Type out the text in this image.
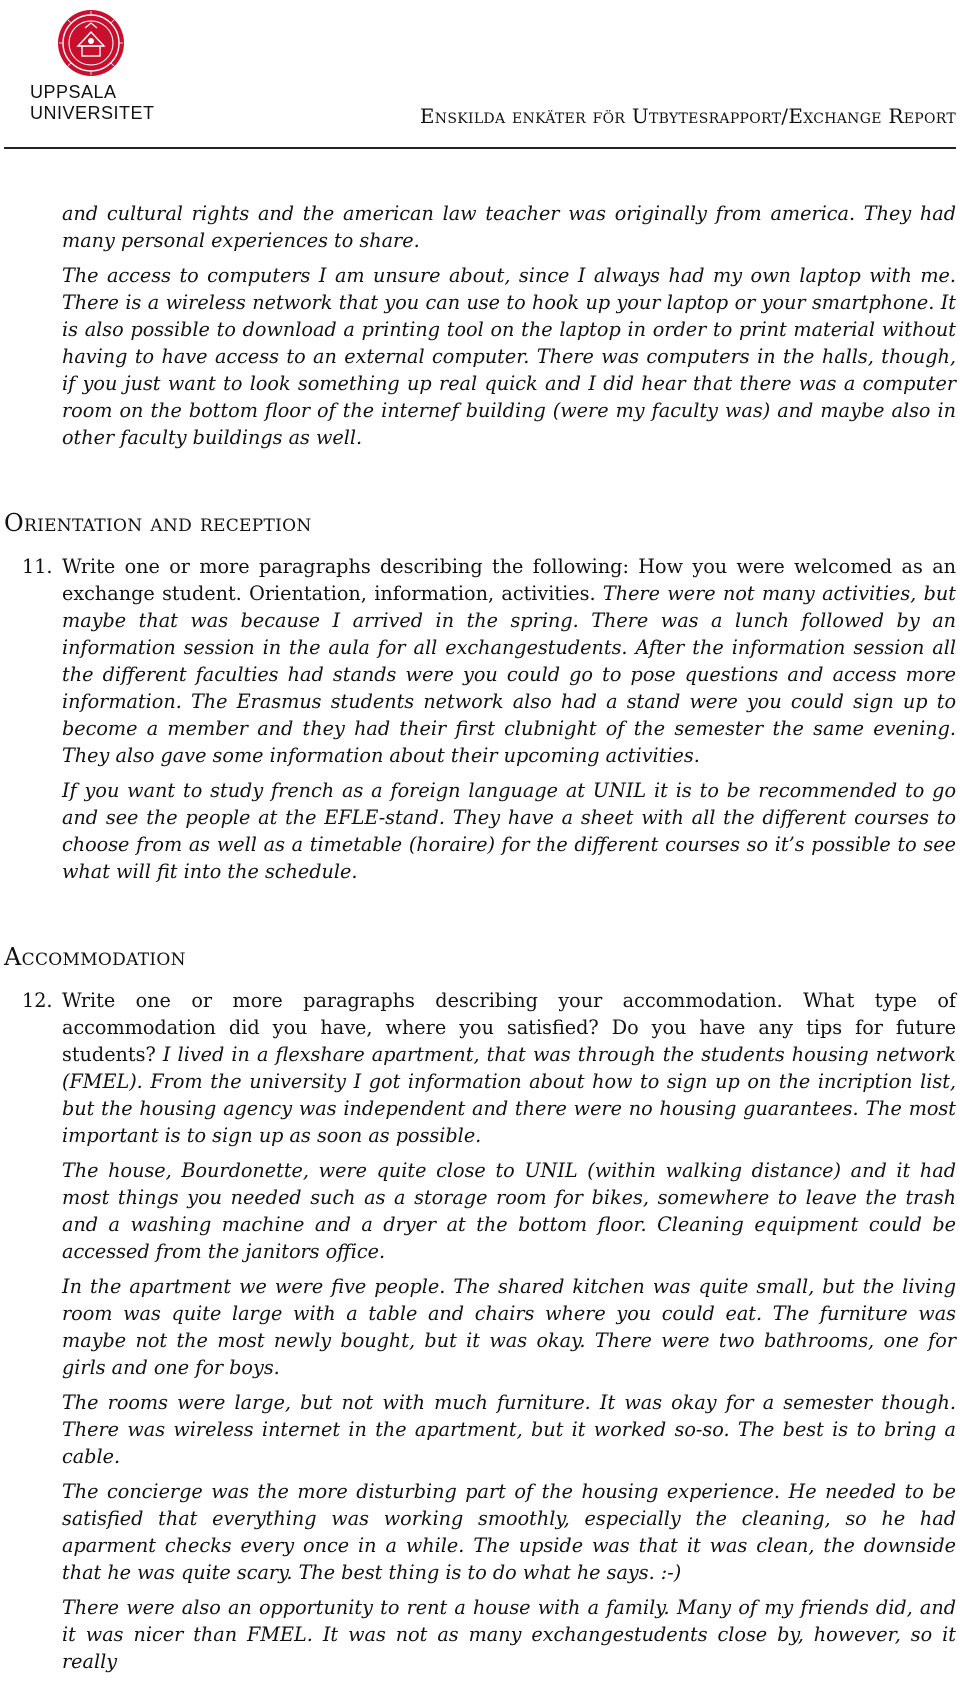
UPPSALA
UNIVERSITET	Enskilda enkäter för Utbytesrapport/Exchange Report

and cultural rights and the american law teacher was originally from america. They had many personal experiences to share.

The access to computers I am unsure about, since I always had my own laptop with me. There is a wireless network that you can use to hook up your laptop or your smartphone. It is also possible to download a printing tool on the laptop in order to print material without having to have access to an external computer. There was computers in the halls, though, if you just want to look something up real quick and I did hear that there was a computer room on the bottom floor of the internef building (were my faculty was) and maybe also in other faculty buildings as well.

Orientation and reception
11. Write one or more paragraphs describing the following: How you were welcomed as an exchange student. Orientation, information, activities. There were not many activities, but maybe that was because I arrived in the spring. There was a lunch followed by an information session in the aula for all exchangestudents. After the information session all the different faculties had stands were you could go to pose questions and access more information. The Erasmus students network also had a stand were you could sign up to become a member and they had their first clubnight of the semester the same evening. They also gave some information about their upcoming activities.

If you want to study french as a foreign language at UNIL it is to be recommended to go and see the people at the EFLE-stand. They have a sheet with all the different courses to choose from as well as a timetable (horaire) for the different courses so it’s possible to see what will fit into the schedule.

Accommodation
12. Write one or more paragraphs describing your accommodation. What type of accommodation did you have, where you satisfied? Do you have any tips for future students? I lived in a flexshare apartment, that was through the students housing network (FMEL). From the university I got information about how to sign up on the incription list, but the housing agency was independent and there were no housing guarantees. The most important is to sign up as soon as possible.

The house, Bourdonette, were quite close to UNIL (within walking distance) and it had most things you needed such as a storage room for bikes, somewhere to leave the trash and a washing machine and a dryer at the bottom floor. Cleaning equipment could be accessed from the janitors office.

In the apartment we were five people. The shared kitchen was quite small, but the living room was quite large with a table and chairs where you could eat. The furniture was maybe not the most newly bought, but it was okay. There were two bathrooms, one for girls and one for boys.

The rooms were large, but not with much furniture. It was okay for a semester though. There was wireless internet in the apartment, but it worked so-so. The best is to bring a cable.

The concierge was the more disturbing part of the housing experience. He needed to be satisfied that everything was working smoothly, especially the cleaning, so he had aparment checks every once in a while. The upside was that it was clean, the downside that he was quite scary. The best thing is to do what he says. :-)

There were also an opportunity to rent a house with a family. Many of my friends did, and it was nicer than FMEL. It was not as many exchangestudents close by, however, so it really
